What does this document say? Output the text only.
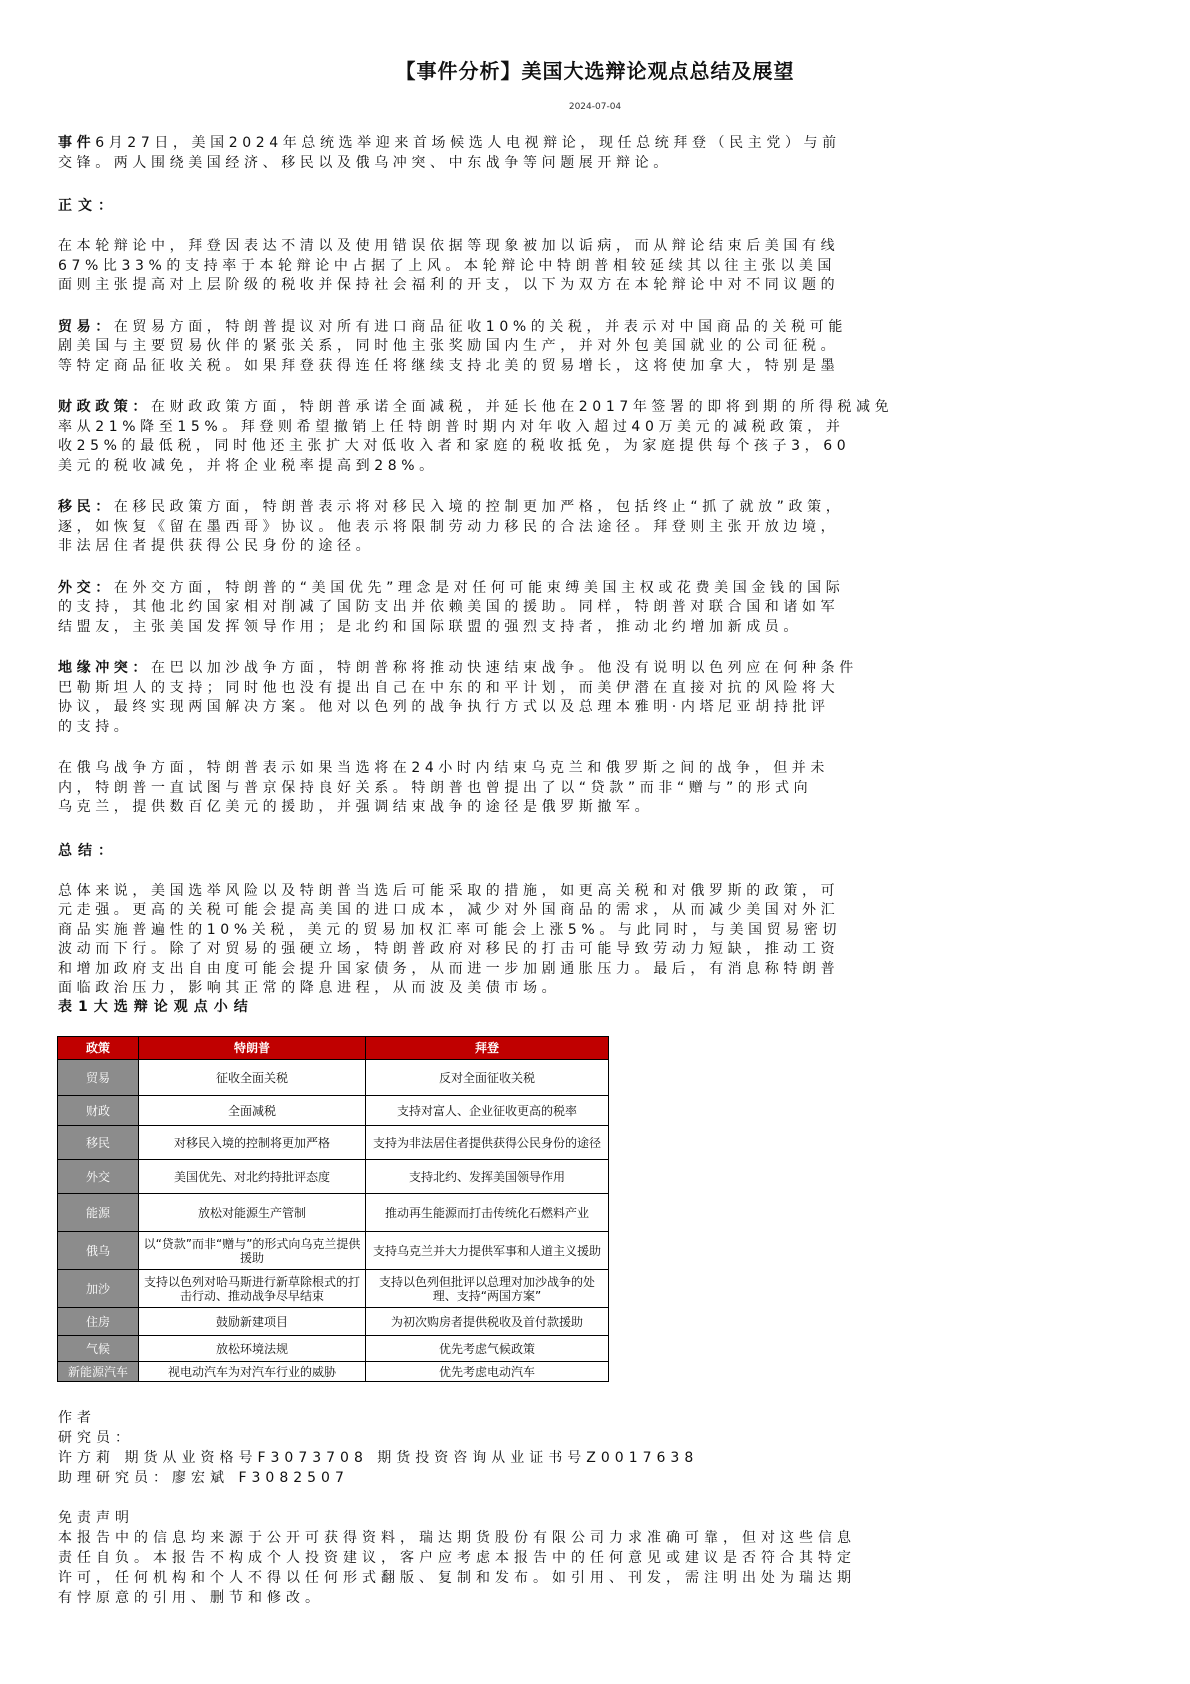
【事件分析】美国大选辩论观点总结及展望
2024-07-04

事件6月27日，美国2024年总统选举迎来首场候选人电视辩论，现任总统拜登（民主党）与前
交锋。两人围绕美国经济、移民以及俄乌冲突、中东战争等问题展开辩论。

正文：

在本轮辩论中，拜登因表达不清以及使用错误依据等现象被加以诟病，而从辩论结束后美国有线
67%比33%的支持率于本轮辩论中占据了上风。本轮辩论中特朗普相较延续其以往主张以美国
面则主张提高对上层阶级的税收并保持社会福利的开支，以下为双方在本轮辩论中对不同议题的

贸易：在贸易方面，特朗普提议对所有进口商品征收10%的关税，并表示对中国商品的关税可能
剧美国与主要贸易伙伴的紧张关系，同时他主张奖励国内生产，并对外包美国就业的公司征税。
等特定商品征收关税。如果拜登获得连任将继续支持北美的贸易增长，这将使加拿大，特别是墨

财政政策：在财政政策方面，特朗普承诺全面减税，并延长他在2017年签署的即将到期的所得税减免
率从21%降至15%。拜登则希望撤销上任特朗普时期内对年收入超过40万美元的减税政策，并
收25%的最低税，同时他还主张扩大对低收入者和家庭的税收抵免，为家庭提供每个孩子3，60
美元的税收减免，并将企业税率提高到28%。

移民：在移民政策方面，特朗普表示将对移民入境的控制更加严格，包括终止“抓了就放”政策，
逐，如恢复《留在墨西哥》协议。他表示将限制劳动力移民的合法途径。拜登则主张开放边境，
非法居住者提供获得公民身份的途径。

外交：在外交方面，特朗普的“美国优先”理念是对任何可能束缚美国主权或花费美国金钱的国际
的支持，其他北约国家相对削减了国防支出并依赖美国的援助。同样，特朗普对联合国和诸如军
结盟友，主张美国发挥领导作用；是北约和国际联盟的强烈支持者，推动北约增加新成员。

地缘冲突：在巴以加沙战争方面，特朗普称将推动快速结束战争。他没有说明以色列应在何种条件
巴勒斯坦人的支持；同时他也没有提出自己在中东的和平计划，而美伊潜在直接对抗的风险将大
协议，最终实现两国解决方案。他对以色列的战争执行方式以及总理本雅明·内塔尼亚胡持批评
的支持。

在俄乌战争方面，特朗普表示如果当选将在24小时内结束乌克兰和俄罗斯之间的战争，但并未
内，特朗普一直试图与普京保持良好关系。特朗普也曾提出了以“贷款”而非“赠与”的形式向
乌克兰，提供数百亿美元的援助，并强调结束战争的途径是俄罗斯撤军。

总结：

总体来说，美国选举风险以及特朗普当选后可能采取的措施，如更高关税和对俄罗斯的政策，可
元走强。更高的关税可能会提高美国的进口成本，减少对外国商品的需求，从而减少美国对外汇
商品实施普遍性的10%关税，美元的贸易加权汇率可能会上涨5%。与此同时，与美国贸易密切
波动而下行。除了对贸易的强硬立场，特朗普政府对移民的打击可能导致劳动力短缺，推动工资
和增加政府支出自由度可能会提升国家债务，从而进一步加剧通胀压力。最后，有消息称特朗普
面临政治压力，影响其正常的降息进程，从而波及美债市场。

表1大选辩论观点小结
政策	特朗普	拜登
贸易	征收全面关税	反对全面征收关税
财政	全面减税	支持对富人、企业征收更高的税率
移民	对移民入境的控制将更加严格	支持为非法居住者提供获得公民身份的途径
外交	美国优先、对北约持批评态度	支持北约、发挥美国领导作用
能源	放松对能源生产管制	推动再生能源而打击传统化石燃料产业
俄乌	以“贷款”而非“赠与”的形式向乌克兰提供援助	支持乌克兰并大力提供军事和人道主义援助
加沙	支持以色列对哈马斯进行新草除根式的打击行动、推动战争尽早结束	支持以色列但批评以总理对加沙战争的处理、支持“两国方案”
住房	鼓励新建项目	为初次购房者提供税收及首付款援助
气候	放松环境法规	优先考虑气候政策
新能源汽车	视电动汽车为对汽车行业的威胁	优先考虑电动汽车
作者
研究员：
许方莉 期货从业资格号F3073708 期货投资咨询从业证书号Z0017638
助理研究员：廖宏斌 F3082507
免责声明
本报告中的信息均来源于公开可获得资料，瑞达期货股份有限公司力求准确可靠，但对这些信息
责任自负。本报告不构成个人投资建议，客户应考虑本报告中的任何意见或建议是否符合其特定
许可，任何机构和个人不得以任何形式翻版、复制和发布。如引用、刊发，需注明出处为瑞达期
有悖原意的引用、删节和修改。
